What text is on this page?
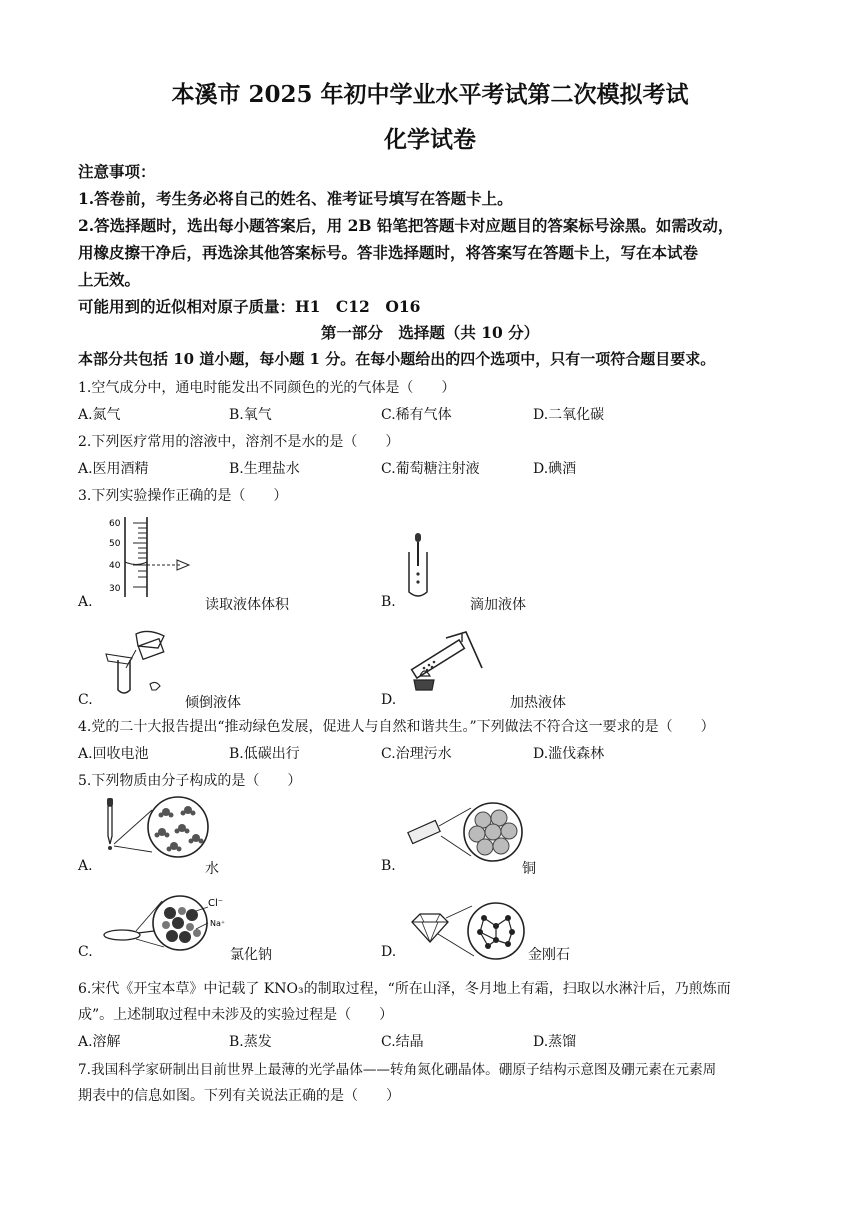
本溪市 2025 年初中学业水平考试第二次模拟考试
化学试卷
注意事项：
1.答卷前，考生务必将自己的姓名、准考证号填写在答题卡上。
2.答选择题时，选出每小题答案后，用 2B 铅笔把答题卡对应题目的答案标号涂黑。如需改动，
用橡皮擦干净后，再选涂其他答案标号。答非选择题时，将答案写在答题卡上，写在本试卷
上无效。
可能用到的近似相对原子质量：H1　C12　O16
第一部分　选择题（共 10 分）
本部分共包括 10 道小题，每小题 1 分。在每小题给出的四个选项中，只有一项符合题目要求。
1.空气成分中，通电时能发出不同颜色的光的气体是（　　）
A.氮气	B.氧气	C.稀有气体	D.二氧化碳
2.下列医疗常用的溶液中，溶剂不是水的是（　　）
A.医用酒精	B.生理盐水	C.葡萄糖注射液	D.碘酒
3.下列实验操作正确的是（　　）
60
50
40
30
A.	读取液体体积	B.	滴加液体
C.	倾倒液体	D.	加热液体
4.党的二十大报告提出“推动绿色发展，促进人与自然和谐共生。”下列做法不符合这一要求的是（　　）
A.回收电池	B.低碳出行	C.治理污水	D.滥伐森林
5.下列物质由分子构成的是（　　）
A.	水	B.	铜
Cl⁻
Na⁺
C.	氯化钠	D.	金刚石
6.宋代《开宝本草》中记载了 KNO₃的制取过程，“所在山泽，冬月地上有霜，扫取以水淋汁后，乃煎炼而
成”。上述制取过程中未涉及的实验过程是（　　）
A.溶解	B.蒸发	C.结晶	D.蒸馏
7.我国科学家研制出目前世界上最薄的光学晶体——转角氮化硼晶体。硼原子结构示意图及硼元素在元素周
期表中的信息如图。下列有关说法正确的是（　　）
